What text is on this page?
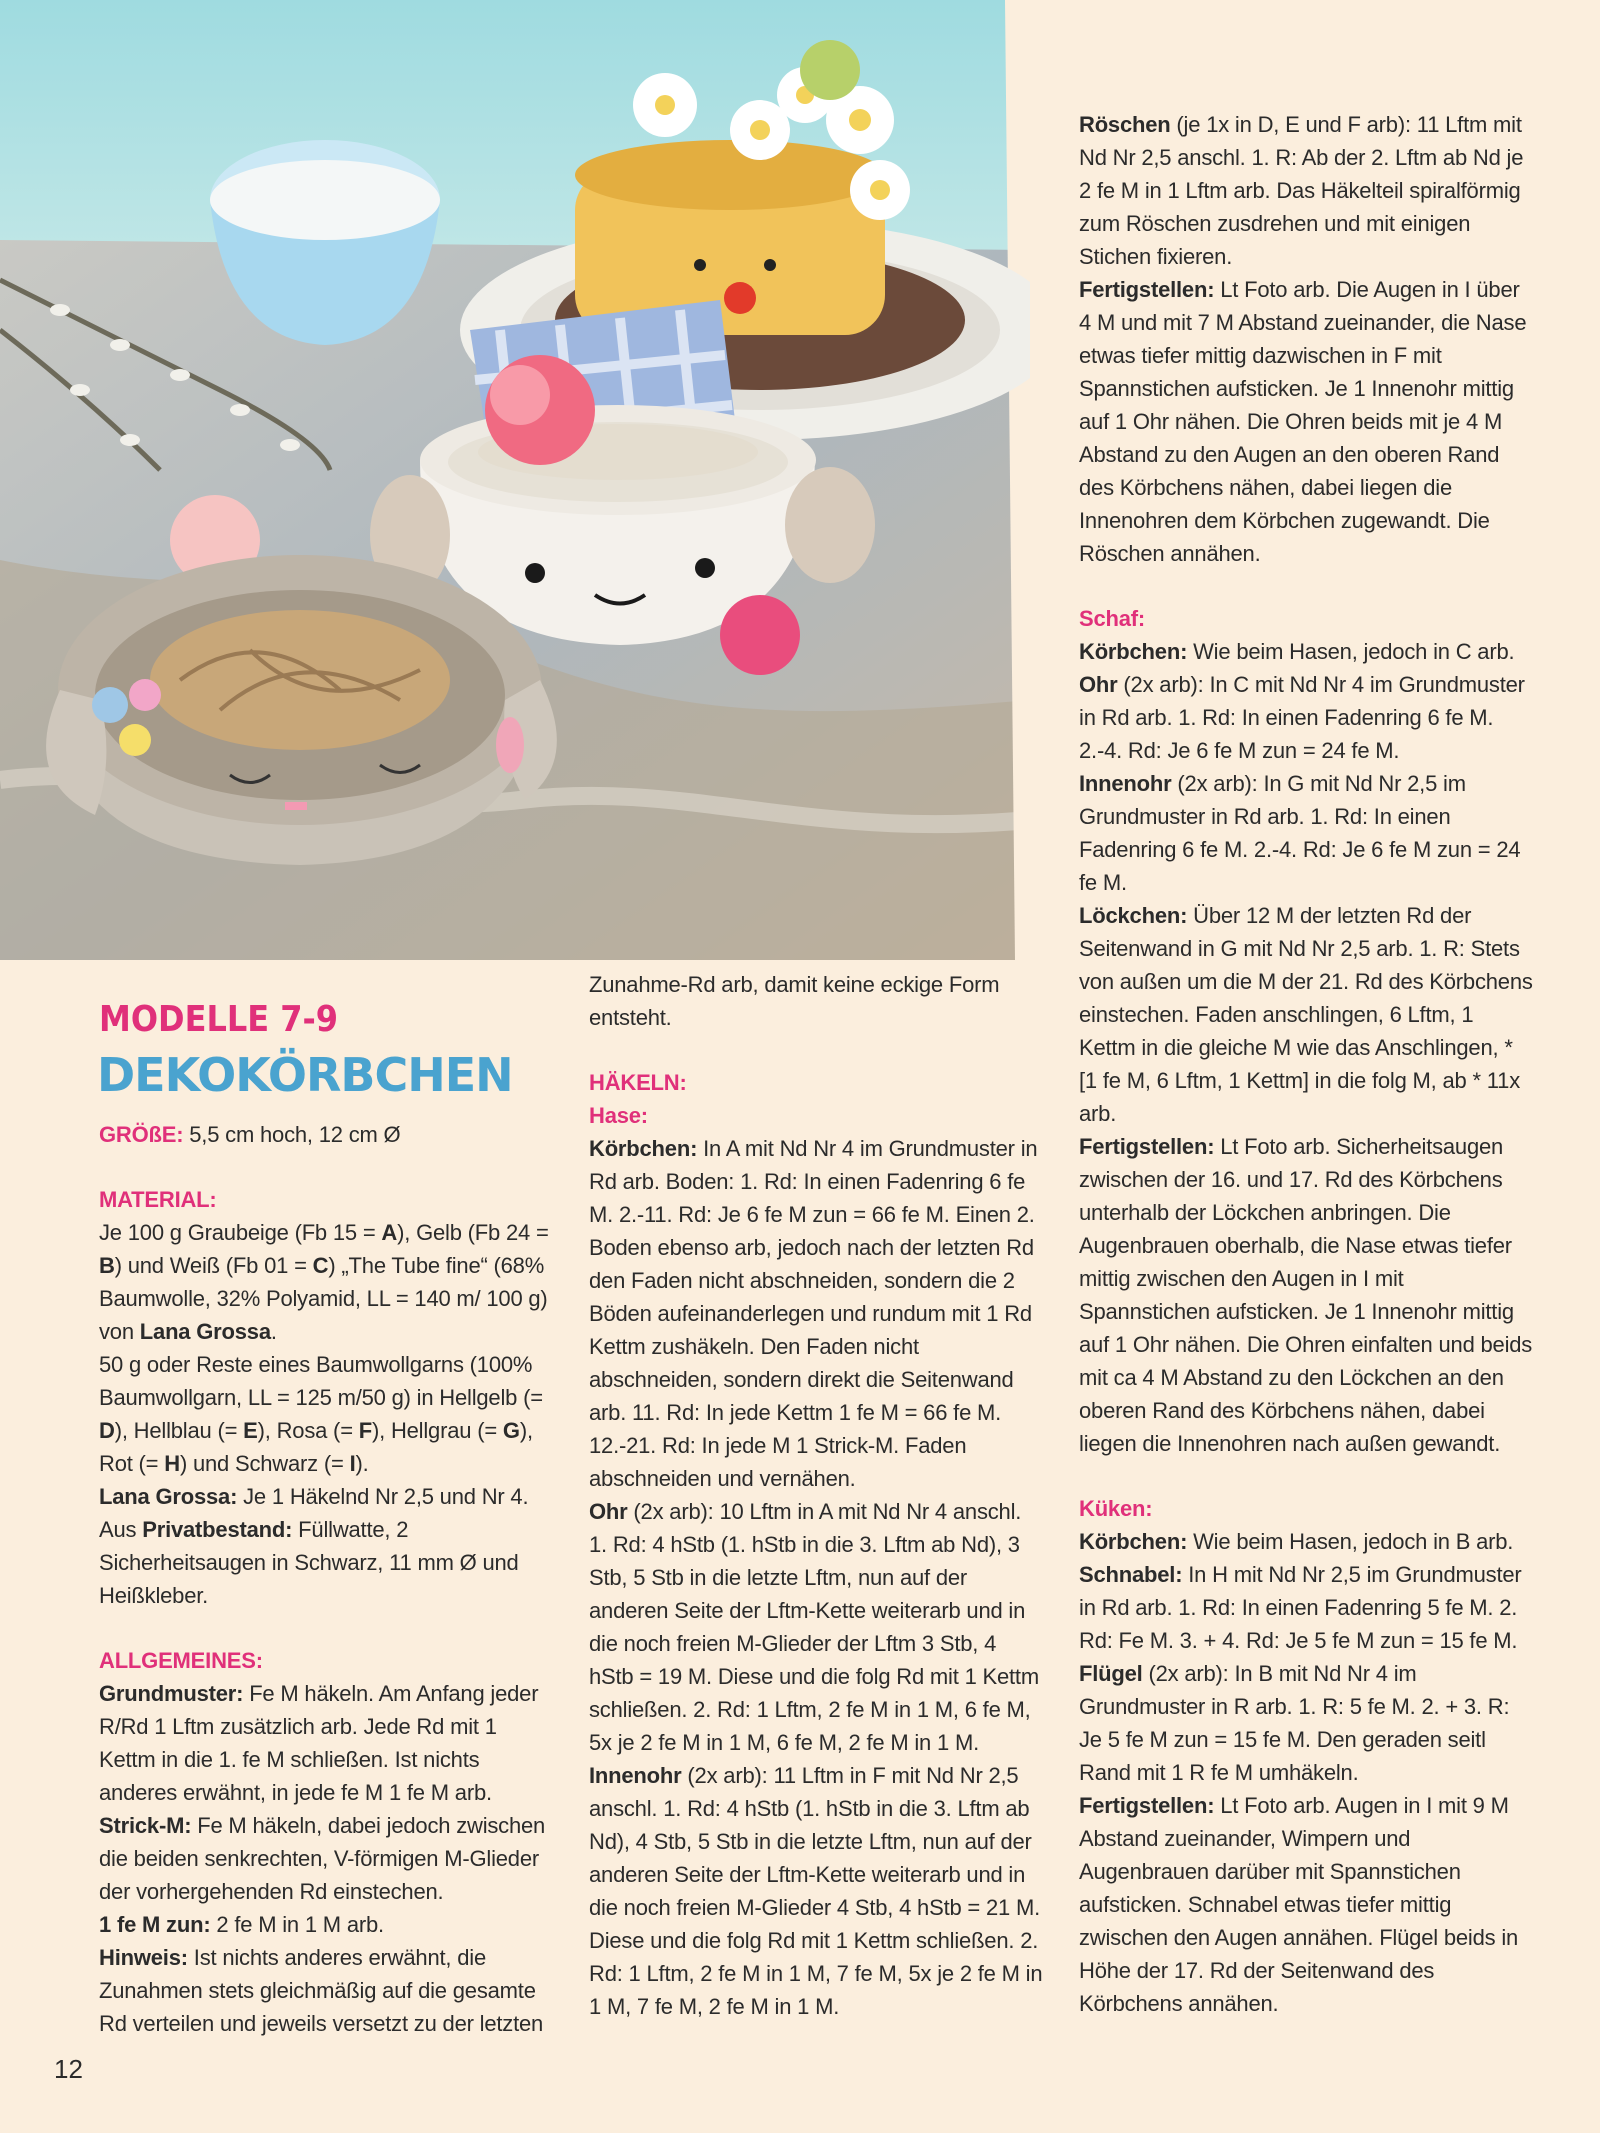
MODELLE 7-9
DEKOKÖRBCHEN

GRÖßE: 5,5 cm hoch, 12 cm Ø

MATERIAL:

Je 100 g Graubeige (Fb 15 = A), Gelb (Fb 24 = B) und Weiß (Fb 01 = C) „The Tube fine“ (68% Baumwolle, 32% Polyamid, LL = 140 m/ 100 g) von Lana Grossa.

50 g oder Reste eines Baumwollgarns (100% Baumwollgarn, LL = 125 m/50 g) in Hellgelb (= D), Hellblau (= E), Rosa (= F), Hellgrau (= G), Rot (= H) und Schwarz (= I).

Lana Grossa: Je 1 Häkelnd Nr 2,5 und Nr 4.

Aus Privatbestand: Füllwatte, 2 Sicherheitsaugen in Schwarz, 11 mm Ø und Heißkleber.

ALLGEMEINES:

Grundmuster: Fe M häkeln. Am Anfang jeder R/Rd 1 Lftm zusätzlich arb. Jede Rd mit 1 Kettm in die 1. fe M schließen. Ist nichts anderes erwähnt, in jede fe M 1 fe M arb.

Strick-M: Fe M häkeln, dabei jedoch zwischen die beiden senkrechten, V-förmigen M-Glieder der vorhergehenden Rd einstechen.

1 fe M zun: 2 fe M in 1 M arb.

Hinweis: Ist nichts anderes erwähnt, die Zunahmen stets gleichmäßig auf die gesamte Rd verteilen und jeweils versetzt zu der letzten

Zunahme-Rd arb, damit keine eckige Form entsteht.

HÄKELN:

Hase:

Körbchen: In A mit Nd Nr 4 im Grundmuster in Rd arb. Boden: 1. Rd: In einen Fadenring 6 fe M. 2.-11. Rd: Je 6 fe M zun = 66 fe M. Einen 2. Boden ebenso arb, jedoch nach der letzten Rd den Faden nicht abschneiden, sondern die 2 Böden aufeinanderlegen und rundum mit 1 Rd Kettm zushäkeln. Den Faden nicht abschneiden, sondern direkt die Seitenwand arb. 11. Rd: In jede Kettm 1 fe M = 66 fe M. 12.-21. Rd: In jede M 1 Strick-M. Faden abschneiden und vernähen.

Ohr (2x arb): 10 Lftm in A mit Nd Nr 4 anschl. 1. Rd: 4 hStb (1. hStb in die 3. Lftm ab Nd), 3 Stb, 5 Stb in die letzte Lftm, nun auf der anderen Seite der Lftm-Kette weiterarb und in die noch freien M-Glieder der Lftm 3 Stb, 4 hStb = 19 M. Diese und die folg Rd mit 1 Kettm schließen. 2. Rd: 1 Lftm, 2 fe M in 1 M, 6 fe M, 5x je 2 fe M in 1 M, 6 fe M, 2 fe M in 1 M.

Innenohr (2x arb): 11 Lftm in F mit Nd Nr 2,5 anschl. 1. Rd: 4 hStb (1. hStb in die 3. Lftm ab Nd), 4 Stb, 5 Stb in die letzte Lftm, nun auf der anderen Seite der Lftm-Kette weiterarb und in die noch freien M-Glieder 4 Stb, 4 hStb = 21 M. Diese und die folg Rd mit 1 Kettm schließen. 2. Rd: 1 Lftm, 2 fe M in 1 M, 7 fe M, 5x je 2 fe M in 1 M, 7 fe M, 2 fe M in 1 M.

Röschen (je 1x in D, E und F arb): 11 Lftm mit Nd Nr 2,5 anschl. 1. R: Ab der 2. Lftm ab Nd je 2 fe M in 1 Lftm arb. Das Häkelteil spiralförmig zum Röschen zusdrehen und mit einigen Stichen fixieren.

Fertigstellen: Lt Foto arb. Die Augen in I über 4 M und mit 7 M Abstand zueinander, die Nase etwas tiefer mittig dazwischen in F mit Spannstichen aufsticken. Je 1 Innenohr mittig auf 1 Ohr nähen. Die Ohren beids mit je 4 M Abstand zu den Augen an den oberen Rand des Körbchens nähen, dabei liegen die Innenohren dem Körbchen zugewandt. Die Röschen annähen.

Schaf:

Körbchen: Wie beim Hasen, jedoch in C arb.

Ohr (2x arb): In C mit Nd Nr 4 im Grundmuster in Rd arb. 1. Rd: In einen Fadenring 6 fe M. 2.-4. Rd: Je 6 fe M zun = 24 fe M.

Innenohr (2x arb): In G mit Nd Nr 2,5 im Grundmuster in Rd arb. 1. Rd: In einen Fadenring 6 fe M. 2.-4. Rd: Je 6 fe M zun = 24 fe M.

Löckchen: Über 12 M der letzten Rd der Seitenwand in G mit Nd Nr 2,5 arb. 1. R: Stets von außen um die M der 21. Rd des Körbchens einstechen. Faden anschlingen, 6 Lftm, 1 Kettm in die gleiche M wie das Anschlingen, * [1 fe M, 6 Lftm, 1 Kettm] in die folg M, ab * 11x arb.

Fertigstellen: Lt Foto arb. Sicherheitsaugen zwischen der 16. und 17. Rd des Körbchens unterhalb der Löckchen anbringen. Die Augenbrauen oberhalb, die Nase etwas tiefer mittig zwischen den Augen in I mit Spannstichen aufsticken. Je 1 Innenohr mittig auf 1 Ohr nähen. Die Ohren einfalten und beids mit ca 4 M Abstand zu den Löckchen an den oberen Rand des Körbchens nähen, dabei liegen die Innenohren nach außen gewandt.

Küken:

Körbchen: Wie beim Hasen, jedoch in B arb.

Schnabel: In H mit Nd Nr 2,5 im Grundmuster in Rd arb. 1. Rd: In einen Fadenring 5 fe M. 2. Rd: Fe M. 3. + 4. Rd: Je 5 fe M zun = 15 fe M.

Flügel (2x arb): In B mit Nd Nr 4 im Grundmuster in R arb. 1. R: 5 fe M. 2. + 3. R: Je 5 fe M zun = 15 fe M. Den geraden seitl Rand mit 1 R fe M umhäkeln.

Fertigstellen: Lt Foto arb. Augen in I mit 9 M Abstand zueinander, Wimpern und Augenbrauen darüber mit Spannstichen aufsticken. Schnabel etwas tiefer mittig zwischen den Augen annähen. Flügel beids in Höhe der 17. Rd der Seitenwand des Körbchens annähen.

12
